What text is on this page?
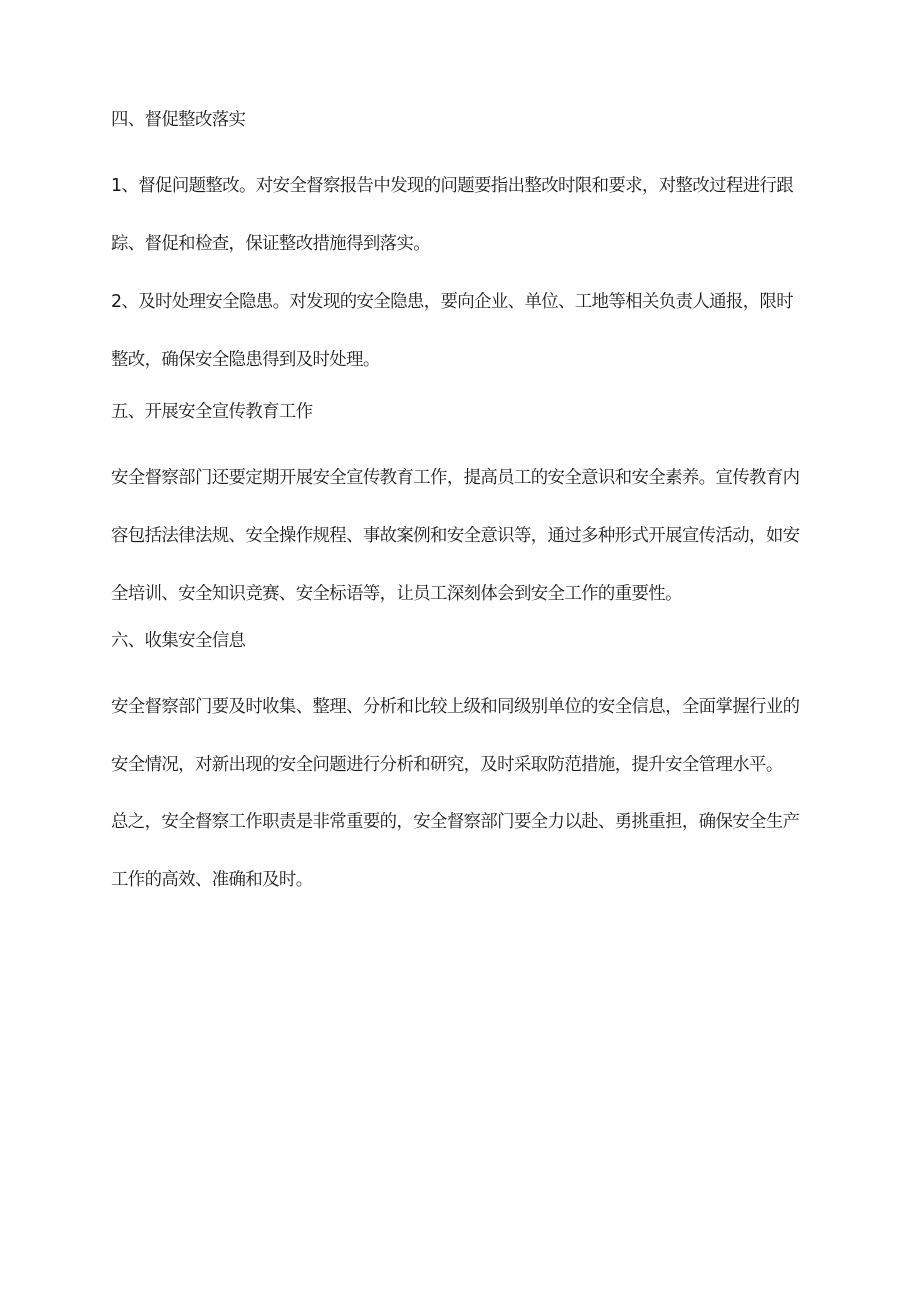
四、督促整改落实
1、督促问题整改。对安全督察报告中发现的问题要指出整改时限和要求，对整改过程进行跟
踪、督促和检查，保证整改措施得到落实。
2、及时处理安全隐患。对发现的安全隐患，要向企业、单位、工地等相关负责人通报，限时
整改，确保安全隐患得到及时处理。
五、开展安全宣传教育工作
安全督察部门还要定期开展安全宣传教育工作，提高员工的安全意识和安全素养。宣传教育内
容包括法律法规、安全操作规程、事故案例和安全意识等，通过多种形式开展宣传活动，如安
全培训、安全知识竞赛、安全标语等，让员工深刻体会到安全工作的重要性。
六、收集安全信息
安全督察部门要及时收集、整理、分析和比较上级和同级别单位的安全信息，全面掌握行业的
安全情况，对新出现的安全问题进行分析和研究，及时采取防范措施，提升安全管理水平。
总之，安全督察工作职责是非常重要的，安全督察部门要全力以赴、勇挑重担，确保安全生产
工作的高效、准确和及时。
